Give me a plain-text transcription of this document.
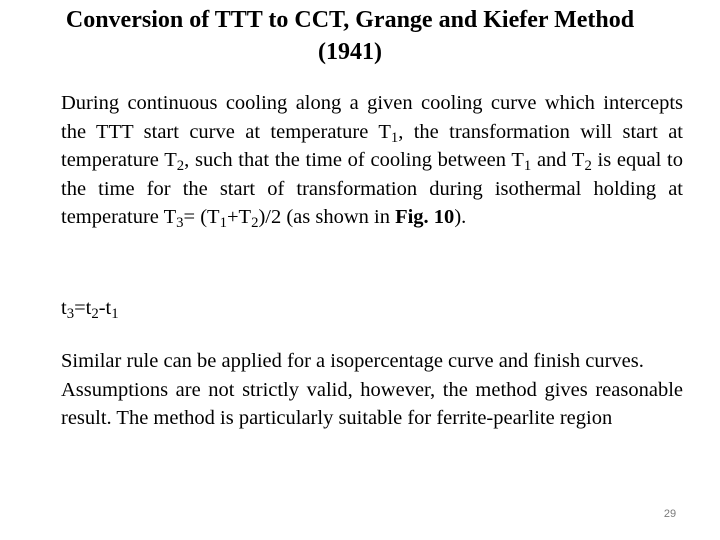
Conversion of TTT to CCT, Grange and Kiefer Method
(1941)
During continuous cooling along a given cooling curve which intercepts the TTT start curve at temperature $T_1$, the transformation will start at temperature $T_2$, such that the time of cooling between $T_1$ and $T_2$ is equal to the time for the start of transformation during isothermal holding at temperature $T_3= (T_1+T_2)/2$ (as shown in Fig. 10).
$t_3=t_2-t_1$
Similar rule can be applied for a isopercentage curve and finish curves.
Assumptions are not strictly valid, however, the method gives reasonable result. The method is particularly suitable for ferrite-pearlite region
29
